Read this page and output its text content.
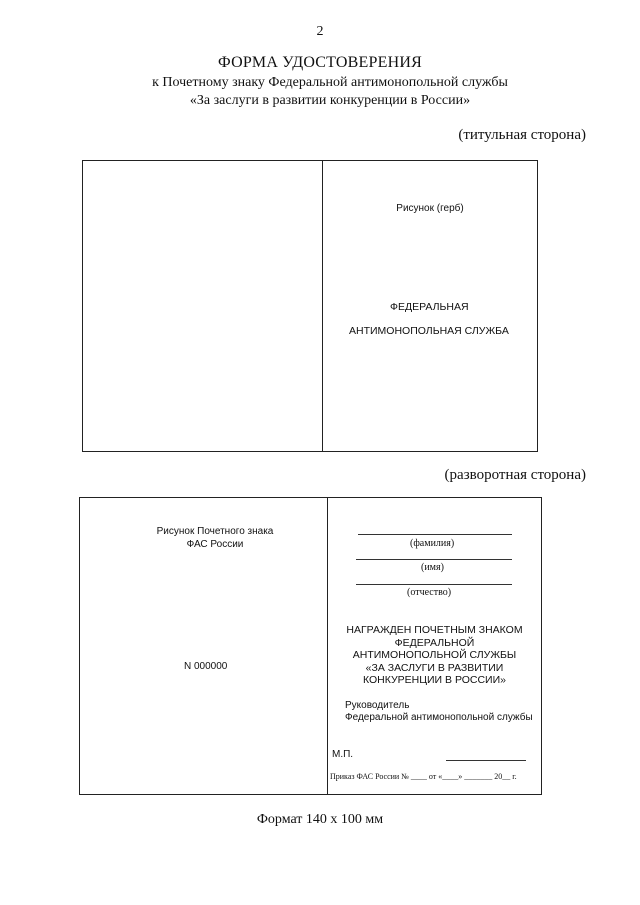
2
ФОРМА УДОСТОВЕРЕНИЯ
к Почетному знаку Федеральной антимонопольной службы
«За заслуги в развитии конкуренции в России»
(титульная сторона)
Рисунок (герб)
ФЕДЕРАЛЬНАЯ
АНТИМОНОПОЛЬНАЯ СЛУЖБА
(разворотная сторона)
Рисунок Почетного знака
ФАС России
N 000000
(фамилия)
(имя)
(отчество)
НАГРАЖДЕН ПОЧЕТНЫМ ЗНАКОМ
ФЕДЕРАЛЬНОЙ
АНТИМОНОПОЛЬНОЙ СЛУЖБЫ
«ЗА ЗАСЛУГИ В РАЗВИТИИ
КОНКУРЕНЦИИ В РОССИИ»
Руководитель
Федеральной антимонопольной службы
М.П.
Приказ ФАС России № ____ от «____» _______ 20__ г.
Формат 140 x 100 мм
